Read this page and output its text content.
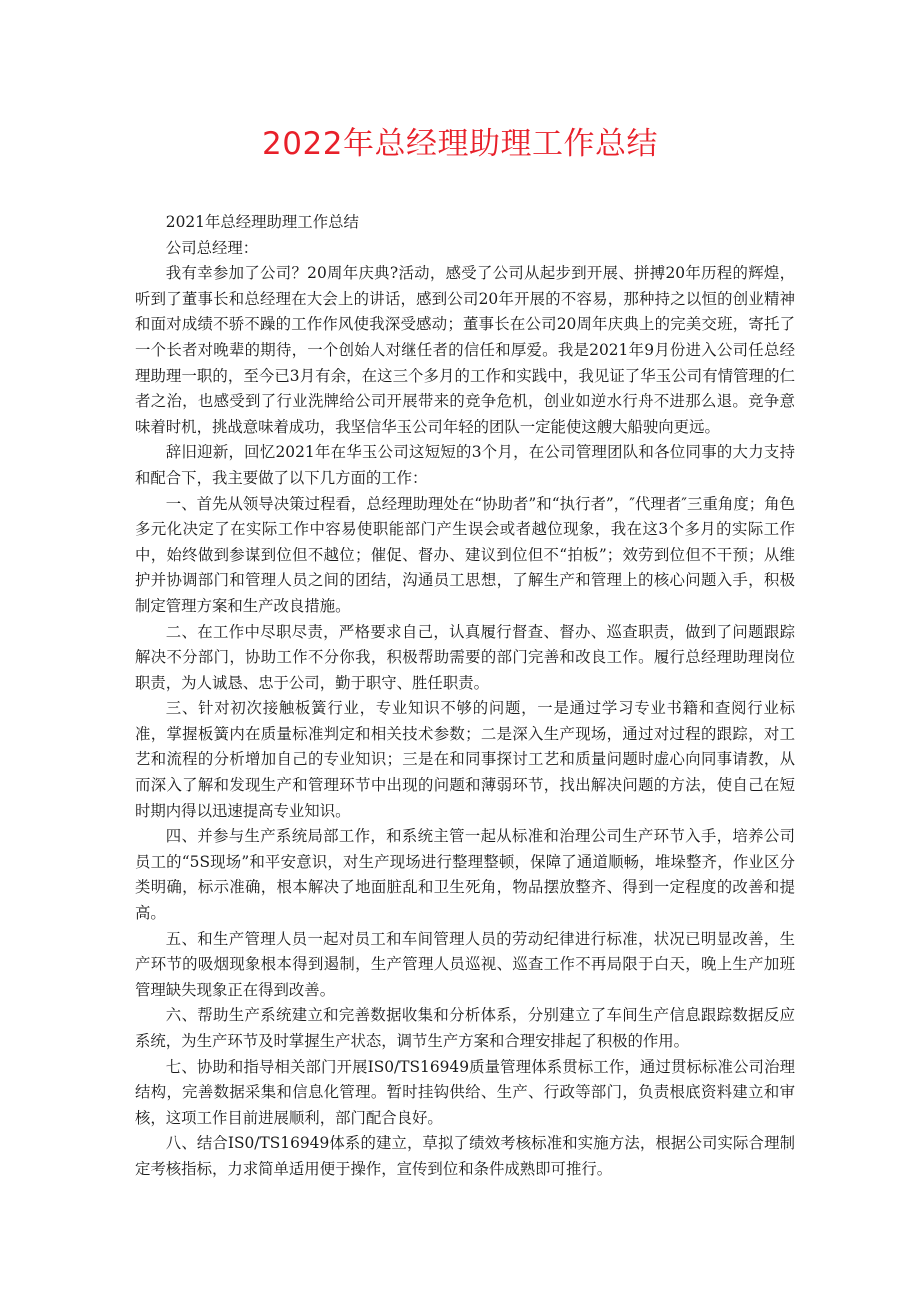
2022年总经理助理工作总结

2021年总经理助理工作总结

公司总经理：

我有幸参加了公司？20周年庆典?活动，感受了公司从起步到开展、拼搏20年历程的辉煌，听到了董事长和总经理在大会上的讲话，感到公司20年开展的不容易，那种持之以恒的创业精神和面对成绩不骄不躁的工作作风使我深受感动；董事长在公司20周年庆典上的完美交班，寄托了一个长者对晚辈的期待，一个创始人对继任者的信任和厚爱。我是2021年9月份进入公司任总经理助理一职的，至今已3月有余，在这三个多月的工作和实践中，我见证了华玉公司有情管理的仁者之治，也感受到了行业洗牌给公司开展带来的竞争危机，创业如逆水行舟不进那么退。竞争意味着时机，挑战意味着成功，我坚信华玉公司年轻的团队一定能使这艘大船驶向更远。

辞旧迎新，回忆2021年在华玉公司这短短的3个月，在公司管理团队和各位同事的大力支持和配合下，我主要做了以下几方面的工作：

一、首先从领导决策过程看，总经理助理处在“协助者”和“执行者”，″代理者″三重角度；角色多元化决定了在实际工作中容易使职能部门产生误会或者越位现象，我在这3个多月的实际工作中，始终做到参谋到位但不越位；催促、督办、建议到位但不“拍板”；效劳到位但不干预；从维护并协调部门和管理人员之间的团结，沟通员工思想，了解生产和管理上的核心问题入手，积极制定管理方案和生产改良措施。

二、在工作中尽职尽责，严格要求自己，认真履行督查、督办、巡查职责，做到了问题跟踪解决不分部门，协助工作不分你我，积极帮助需要的部门完善和改良工作。履行总经理助理岗位职责，为人诚恳、忠于公司，勤于职守、胜任职责。

三、针对初次接触板簧行业，专业知识不够的问题，一是通过学习专业书籍和查阅行业标准，掌握板簧内在质量标准判定和相关技术参数；二是深入生产现场，通过对过程的跟踪，对工艺和流程的分析增加自己的专业知识；三是在和同事探讨工艺和质量问题时虚心向同事请教，从而深入了解和发现生产和管理环节中出现的问题和薄弱环节，找出解决问题的方法，使自己在短时期内得以迅速提高专业知识。

四、并参与生产系统局部工作，和系统主管一起从标准和治理公司生产环节入手，培养公司员工的“5S现场”和平安意识，对生产现场进行整理整顿，保障了通道顺畅，堆垛整齐，作业区分类明确，标示准确，根本解决了地面脏乱和卫生死角，物品摆放整齐、得到一定程度的改善和提高。

五、和生产管理人员一起对员工和车间管理人员的劳动纪律进行标准，状况已明显改善，生产环节的吸烟现象根本得到遏制，生产管理人员巡视、巡查工作不再局限于白天，晚上生产加班管理缺失现象正在得到改善。

六、帮助生产系统建立和完善数据收集和分析体系，分别建立了车间生产信息跟踪数据反应系统，为生产环节及时掌握生产状态，调节生产方案和合理安排起了积极的作用。

七、协助和指导相关部门开展IS0/TS16949质量管理体系贯标工作，通过贯标标准公司治理结构，完善数据采集和信息化管理。暂时挂钩供给、生产、行政等部门，负责根底资料建立和审核，这项工作目前进展顺利，部门配合良好。

八、结合IS0/TS16949体系的建立，草拟了绩效考核标准和实施方法，根据公司实际合理制定考核指标，力求简单适用便于操作，宣传到位和条件成熟即可推行。
